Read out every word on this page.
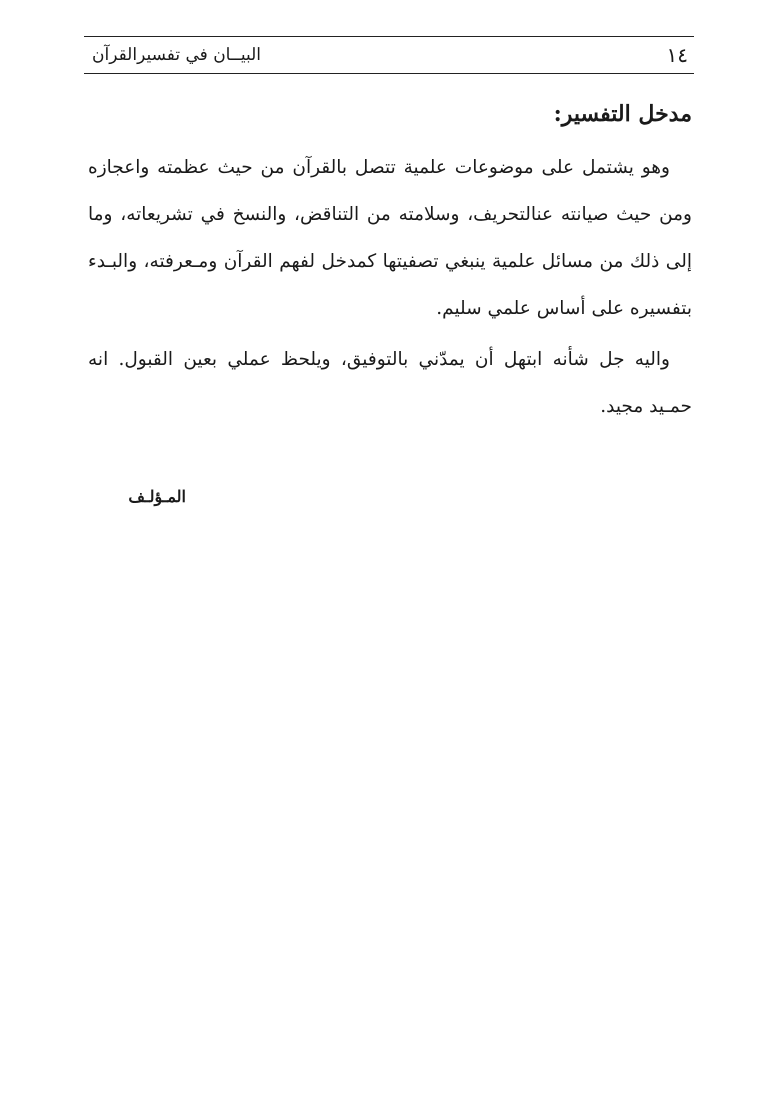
١٤
البيــان في تفسيرالقرآن
مدخل التفسير:

وهو يشتمل على موضوعات علمية تتصل بالقرآن من حيث عظمته واعجازه ومن حيث صيانته عنالتحريف، وسلامته من التناقض، والنسخ في تشريعاته، وما إلى ذلك من مسائل علمية ينبغي تصفيتها كمدخل لفهم القرآن ومـعرفته، والبـدء بتفسيره على أساس علمي سليم.

واليه جل شأنه ابتهل أن يمدّني بالتوفيق، ويلحظ عملي بعين القبول. انه حمـيد مجيد.

المـؤلـف
